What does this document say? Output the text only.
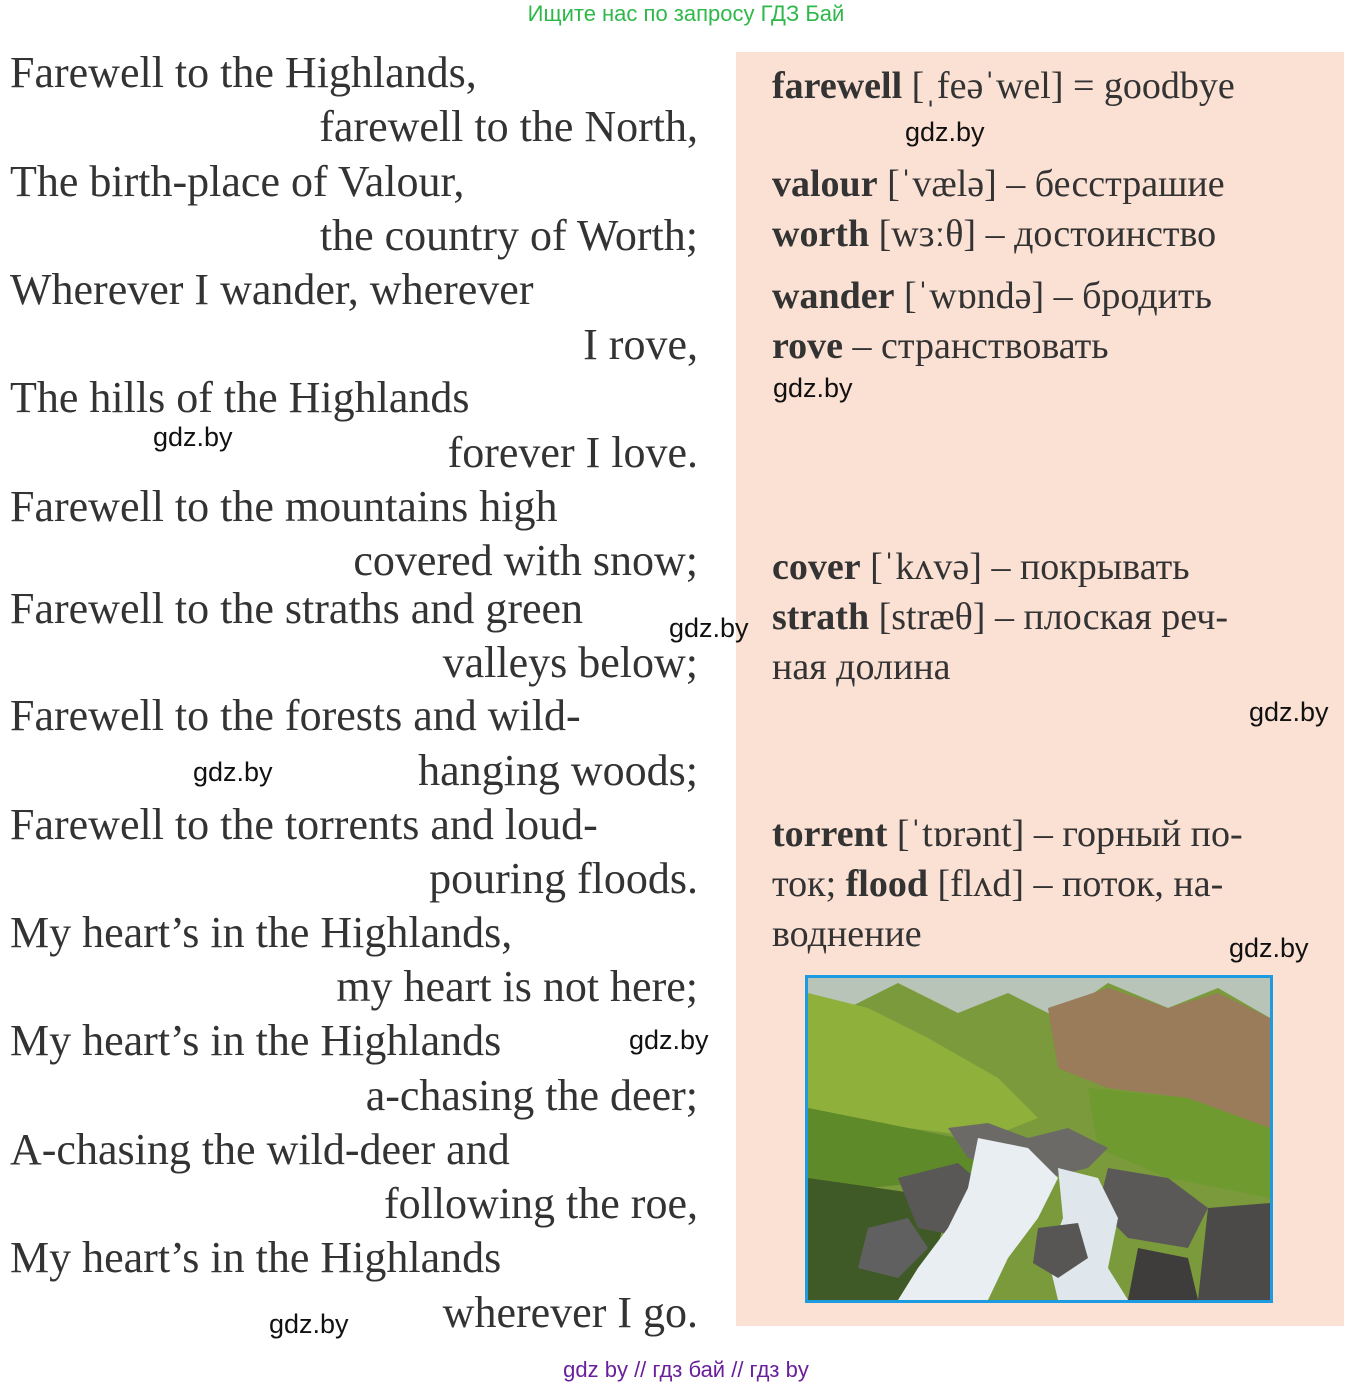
Ищите нас по запросу ГДЗ Бай
Farewell to the Highlands,
farewell to the North,
The birth-place of Valour,
the country of Worth;
Wherever I wander, wherever
I rove,
The hills of the Highlands
forever I love.
Farewell to the mountains high
covered with snow;
Farewell to the straths and green
valleys below;
Farewell to the forests and wild-
hanging woods;
Farewell to the torrents and loud-
pouring floods.
My heart’s in the Highlands,
my heart is not here;
My heart’s in the Highlands
a-chasing the deer;
A-chasing the wild-deer and
following the roe,
My heart’s in the Highlands
wherever I go.
farewell [ˌfeəˈwel] = goodbye
valour [ˈvælə] – бесстрашие
worth [wɜːθ] – достоинство
wander [ˈwɒndə] – бродить
rove – странствовать
cover [ˈkʌvə] – покрывать
strath [stræθ] – плоская реч-
ная долина
torrent [ˈtɒrənt] – горный по-
ток; flood [flʌd] – поток, на-
воднение
gdz.by
gdz.by
gdz.by
gdz.by
gdz.by
gdz.by
gdz.by
gdz.by
gdz.by
gdz by // гдз бай // гдз by
